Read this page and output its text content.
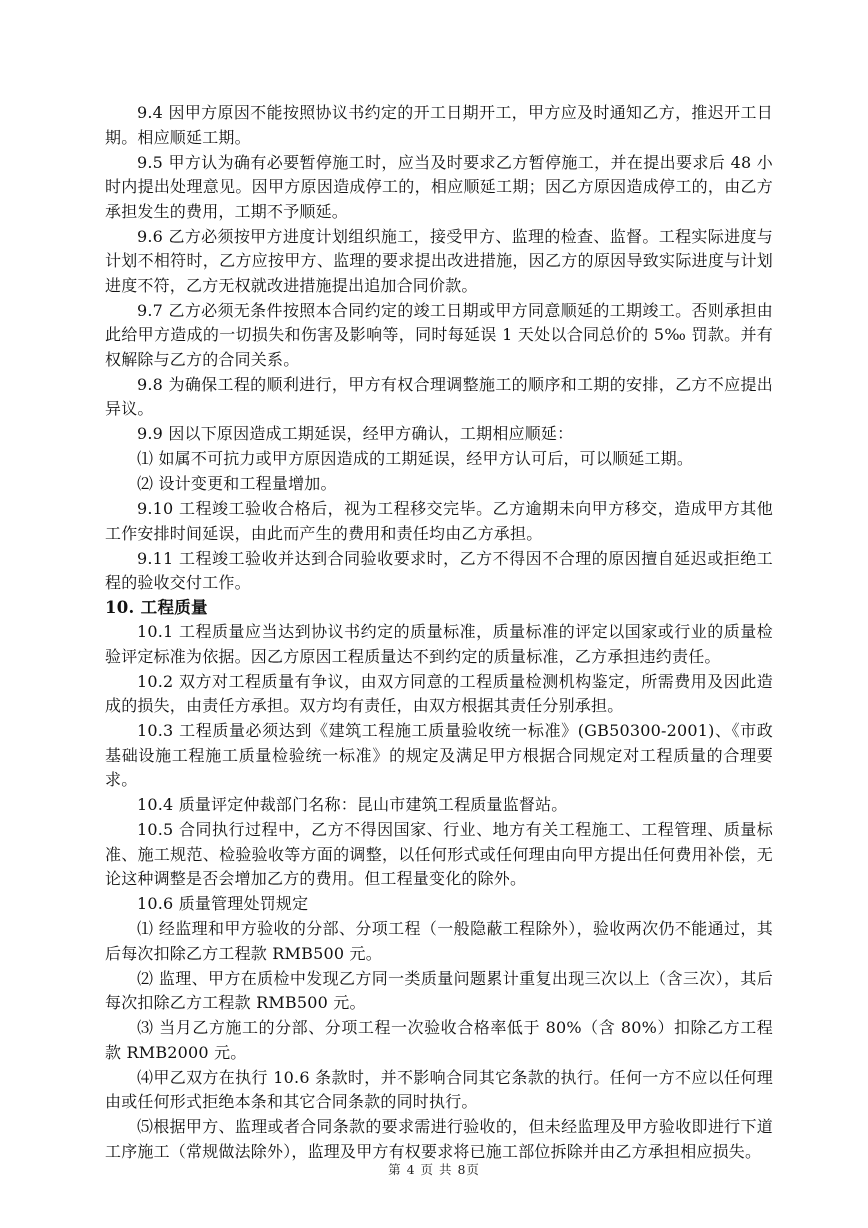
9.4 因甲方原因不能按照协议书约定的开工日期开工，甲方应及时通知乙方，推迟开工日期。相应顺延工期。

9.5 甲方认为确有必要暂停施工时，应当及时要求乙方暂停施工，并在提出要求后 48 小时内提出处理意见。因甲方原因造成停工的，相应顺延工期；因乙方原因造成停工的，由乙方承担发生的费用，工期不予顺延。

9.6 乙方必须按甲方进度计划组织施工，接受甲方、监理的检查、监督。工程实际进度与计划不相符时，乙方应按甲方、监理的要求提出改进措施，因乙方的原因导致实际进度与计划进度不符，乙方无权就改进措施提出追加合同价款。

9.7 乙方必须无条件按照本合同约定的竣工日期或甲方同意顺延的工期竣工。否则承担由此给甲方造成的一切损失和伤害及影响等，同时每延误 1 天处以合同总价的 5‰ 罚款。并有权解除与乙方的合同关系。

9.8 为确保工程的顺利进行，甲方有权合理调整施工的顺序和工期的安排，乙方不应提出异议。

9.9 因以下原因造成工期延误，经甲方确认，工期相应顺延：

⑴ 如属不可抗力或甲方原因造成的工期延误，经甲方认可后，可以顺延工期。

⑵ 设计变更和工程量增加。

9.10 工程竣工验收合格后，视为工程移交完毕。乙方逾期未向甲方移交，造成甲方其他工作安排时间延误，由此而产生的费用和责任均由乙方承担。

9.11 工程竣工验收并达到合同验收要求时，乙方不得因不合理的原因擅自延迟或拒绝工程的验收交付工作。

10. 工程质量

10.1 工程质量应当达到协议书约定的质量标准，质量标准的评定以国家或行业的质量检验评定标准为依据。因乙方原因工程质量达不到约定的质量标准，乙方承担违约责任。

10.2 双方对工程质量有争议，由双方同意的工程质量检测机构鉴定，所需费用及因此造成的损失，由责任方承担。双方均有责任，由双方根据其责任分别承担。

10.3 工程质量必须达到《建筑工程施工质量验收统一标准》(GB50300-2001)、《市政基础设施工程施工质量检验统一标准》的规定及满足甲方根据合同规定对工程质量的合理要求。

10.4 质量评定仲裁部门名称：昆山市建筑工程质量监督站。

10.5 合同执行过程中，乙方不得因国家、行业、地方有关工程施工、工程管理、质量标准、施工规范、检验验收等方面的调整，以任何形式或任何理由向甲方提出任何费用补偿，无论这种调整是否会增加乙方的费用。但工程量变化的除外。

10.6 质量管理处罚规定

⑴ 经监理和甲方验收的分部、分项工程（一般隐蔽工程除外），验收两次仍不能通过，其后每次扣除乙方工程款 RMB500 元。

⑵ 监理、甲方在质检中发现乙方同一类质量问题累计重复出现三次以上（含三次），其后每次扣除乙方工程款 RMB500 元。

⑶ 当月乙方施工的分部、分项工程一次验收合格率低于 80%（含 80%）扣除乙方工程款 RMB2000 元。

⑷甲乙双方在执行 10.6 条款时，并不影响合同其它条款的执行。任何一方不应以任何理由或任何形式拒绝本条和其它合同条款的同时执行。

⑸根据甲方、监理或者合同条款的要求需进行验收的，但未经监理及甲方验收即进行下道工序施工（常规做法除外），监理及甲方有权要求将已施工部位拆除并由乙方承担相应损失。

第 4 页 共 8页
